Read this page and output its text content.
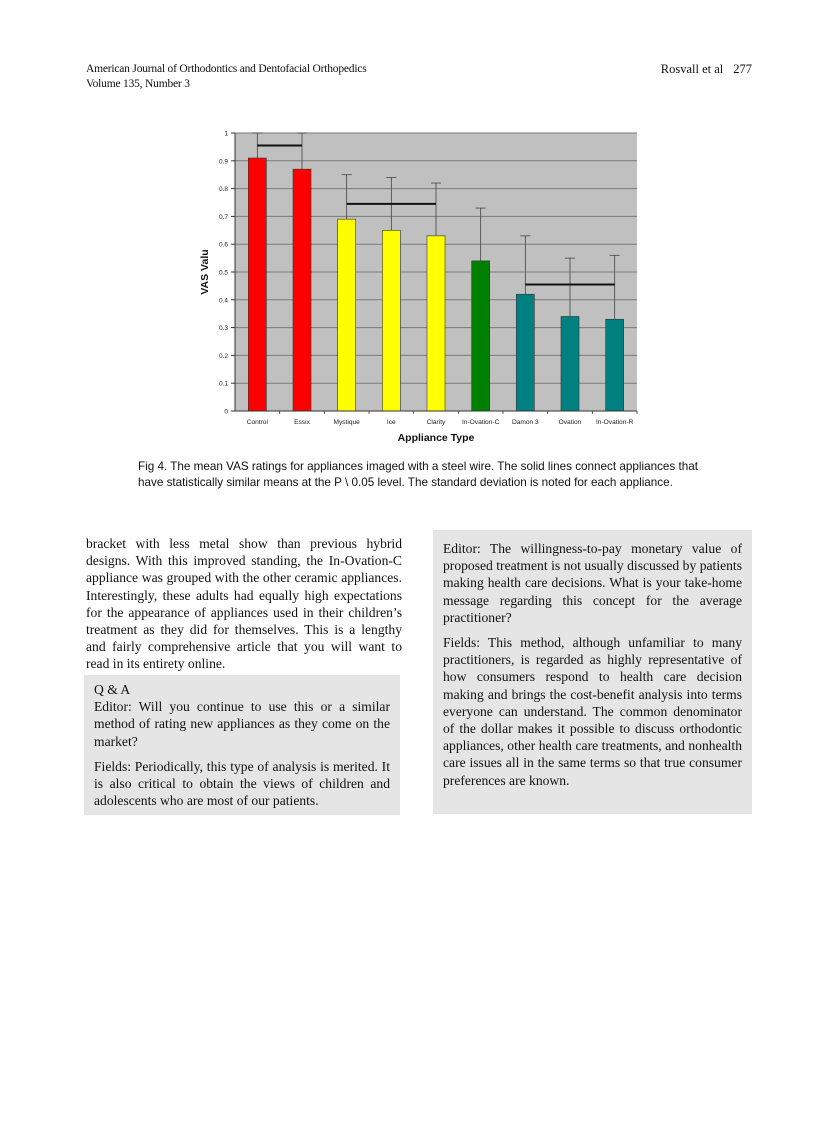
American Journal of Orthodontics and Dentofacial Orthopedics
Volume 135, Number 3
Rosvall et al 277
0
0.1
0.2
0.3
0.4
0.5
0.6
0.7
0.8
0.9
1
Control	Essix	Mystique	Ice	Clarity	In-Ovation-C Damon 3	Ovation In-Ovation-R
Appliance Type
VAS Valu
Fig 4. The mean VAS ratings for appliances imaged with a steel wire. The solid lines connect appliances that have statistically similar means at the P \ 0.05 level. The standard deviation is noted for each appliance.
bracket with less metal show than previous hybrid designs. With this improved standing, the In-Ovation-C appliance was grouped with the other ceramic appliances. Interestingly, these adults had equally high expectations for the appearance of appliances used in their children’s treatment as they did for themselves. This is a lengthy and fairly comprehensive article that you will want to read in its entirety online.

Q & A
Editor: Will you continue to use this or a similar method of rating new appliances as they come on the market?

Fields: Periodically, this type of analysis is merited. It is also critical to obtain the views of children and adolescents who are most of our patients.

Editor: The willingness-to-pay monetary value of proposed treatment is not usually discussed by patients making health care decisions. What is your take-home message regarding this concept for the average practitioner?

Fields: This method, although unfamiliar to many practitioners, is regarded as highly representative of how consumers respond to health care decision making and brings the cost-benefit analysis into terms everyone can understand. The common denominator of the dollar makes it possible to discuss orthodontic appliances, other health care treatments, and nonhealth care issues all in the same terms so that true consumer preferences are known.
